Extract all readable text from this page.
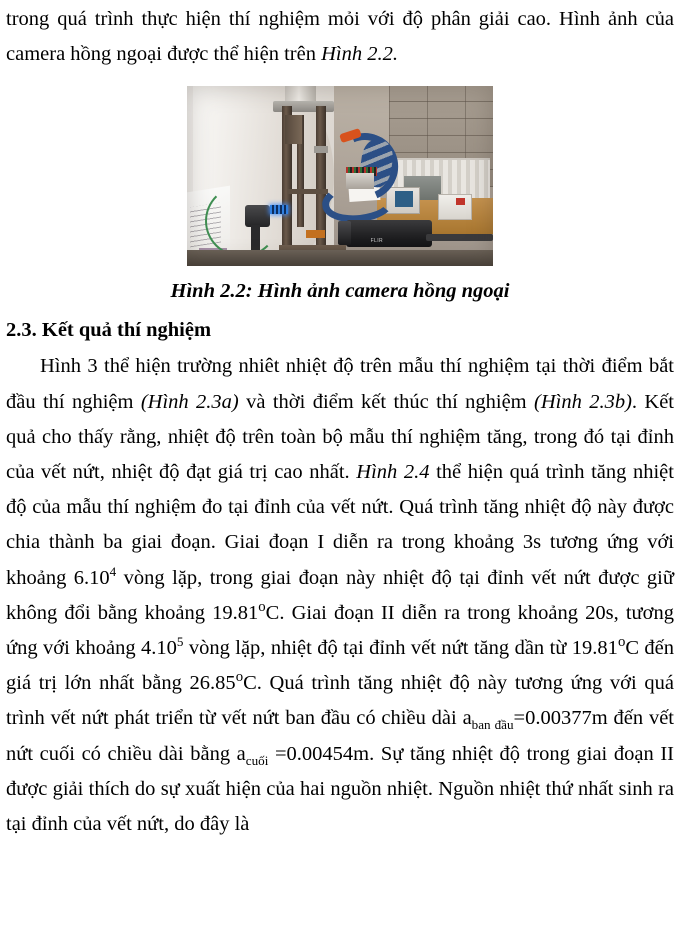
trong quá trình thực hiện thí nghiệm mỏi với độ phân giải cao. Hình ảnh của camera hồng ngoại được thể hiện trên Hình 2.2.

FLIR

Hình 2.2: Hình ảnh camera hồng ngoại

2.3. Kết quả thí nghiệm

Hình 3 thể hiện trường nhiêt nhiệt độ trên mẫu thí nghiệm tại thời điểm bắt đầu thí nghiệm (Hình 2.3a) và thời điểm kết thúc thí nghiệm (Hình 2.3b). Kết quả cho thấy rằng, nhiệt độ trên toàn bộ mẫu thí nghiệm tăng, trong đó tại đỉnh của vết nứt, nhiệt độ đạt giá trị cao nhất. Hình 2.4 thể hiện quá trình tăng nhiệt độ của mẫu thí nghiệm đo tại đỉnh của vết nứt. Quá trình tăng nhiệt độ này được chia thành ba giai đoạn. Giai đoạn I diễn ra trong khoảng 3s tương ứng với khoảng 6.10$^4$ vòng lặp, trong giai đoạn này nhiệt độ tại đỉnh vết nứt được giữ không đổi bằng khoảng 19.81$^o$C. Giai đoạn II diễn ra trong khoảng 20s, tương ứng với khoảng 4.10$^5$ vòng lặp, nhiệt độ tại đỉnh vết nứt tăng dần từ 19.81$^o$C đến giá trị lớn nhất bằng 26.85$^o$C. Quá trình tăng nhiệt độ này tương ứng với quá trình vết nứt phát triển từ vết nứt ban đầu có chiều dài $a_{ban đầu}=0.00377m$ đến vết nứt cuối có chiều dài bằng $a_{cuối} =0.00454m$. Sự tăng nhiệt độ trong giai đoạn II được giải thích do sự xuất hiện của hai nguồn nhiệt. Nguồn nhiệt thứ nhất sinh ra tại đỉnh của vết nứt, do đây là
